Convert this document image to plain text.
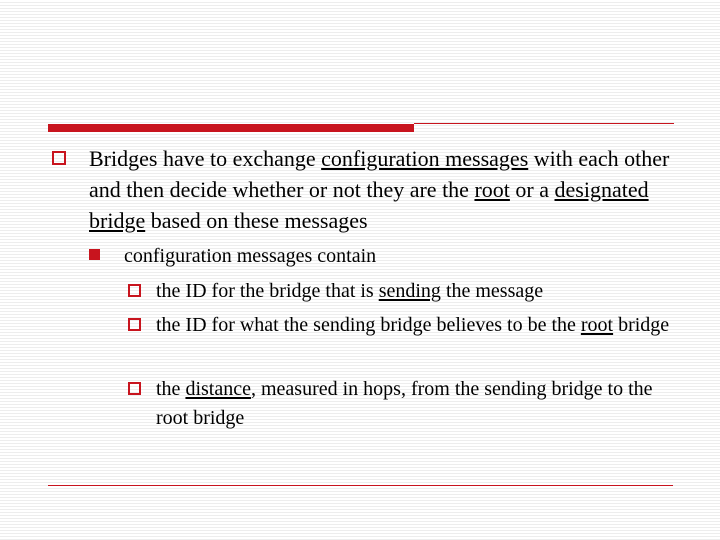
Bridges have to exchange configuration messages with each other and then decide whether or not they are the root or a designated bridge based on these messages
configuration messages contain
the ID for the bridge that is sending the message
the ID for what the sending bridge believes to be the root bridge
the distance, measured in hops, from the sending bridge to the root bridge
